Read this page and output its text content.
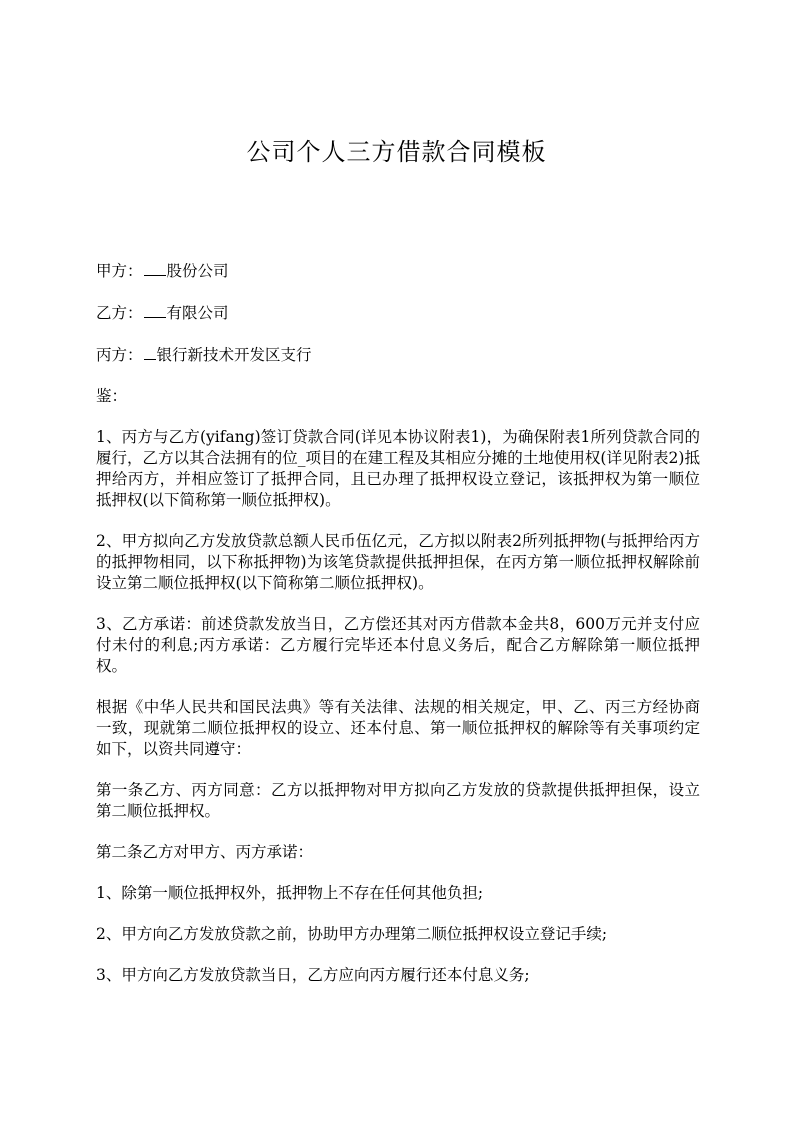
公司个人三方借款合同模板

甲方： 股份公司

乙方： 有限公司

丙方： 银行新技术开发区支行

鉴：

1、丙方与乙方(yifang)签订贷款合同(详见本协议附表1)，为确保附表1所列贷款合同的履行，乙方以其合法拥有的位_项目的在建工程及其相应分摊的土地使用权(详见附表2)抵押给丙方，并相应签订了抵押合同，且已办理了抵押权设立登记，该抵押权为第一顺位抵押权(以下简称第一顺位抵押权)。

2、甲方拟向乙方发放贷款总额人民币伍亿元，乙方拟以附表2所列抵押物(与抵押给丙方的抵押物相同，以下称抵押物)为该笔贷款提供抵押担保，在丙方第一顺位抵押权解除前设立第二顺位抵押权(以下简称第二顺位抵押权)。

3、乙方承诺：前述贷款发放当日，乙方偿还其对丙方借款本金共8，600万元并支付应付未付的利息;丙方承诺：乙方履行完毕还本付息义务后，配合乙方解除第一顺位抵押权。

根据《中华人民共和国民法典》等有关法律、法规的相关规定，甲、乙、丙三方经协商一致，现就第二顺位抵押权的设立、还本付息、第一顺位抵押权的解除等有关事项约定如下，以资共同遵守：

第一条乙方、丙方同意：乙方以抵押物对甲方拟向乙方发放的贷款提供抵押担保，设立第二顺位抵押权。

第二条乙方对甲方、丙方承诺：

1、除第一顺位抵押权外，抵押物上不存在任何其他负担;

2、甲方向乙方发放贷款之前，协助甲方办理第二顺位抵押权设立登记手续;

3、甲方向乙方发放贷款当日，乙方应向丙方履行还本付息义务;
